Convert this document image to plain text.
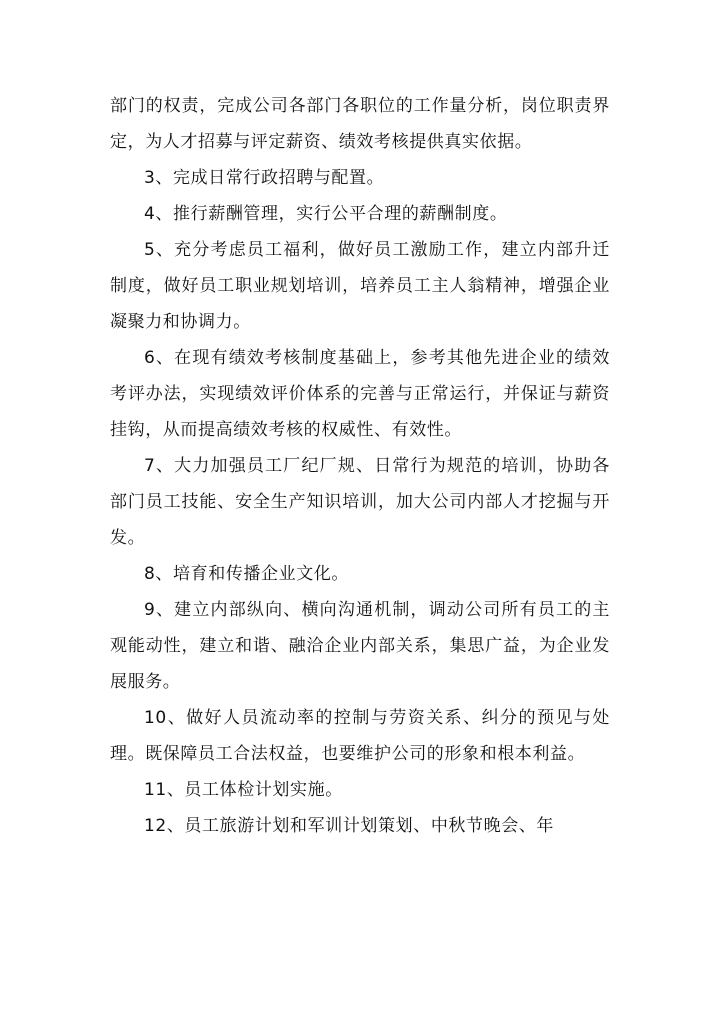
部门的权责，完成公司各部门各职位的工作量分析，岗位职责界定，为人才招募与评定薪资、绩效考核提供真实依据。

3、完成日常行政招聘与配置。

4、推行薪酬管理，实行公平合理的薪酬制度。

5、充分考虑员工福利，做好员工激励工作，建立内部升迁制度，做好员工职业规划培训，培养员工主人翁精神，增强企业凝聚力和协调力。

6、在现有绩效考核制度基础上，参考其他先进企业的绩效考评办法，实现绩效评价体系的完善与正常运行，并保证与薪资挂钩，从而提高绩效考核的权威性、有效性。

7、大力加强员工厂纪厂规、日常行为规范的培训，协助各部门员工技能、安全生产知识培训，加大公司内部人才挖掘与开发。

8、培育和传播企业文化。

9、建立内部纵向、横向沟通机制，调动公司所有员工的主观能动性，建立和谐、融洽企业内部关系，集思广益，为企业发展服务。

10、做好人员流动率的控制与劳资关系、纠分的预见与处理。既保障员工合法权益，也要维护公司的形象和根本利益。

11、员工体检计划实施。

12、员工旅游计划和军训计划策划、中秋节晚会、年
